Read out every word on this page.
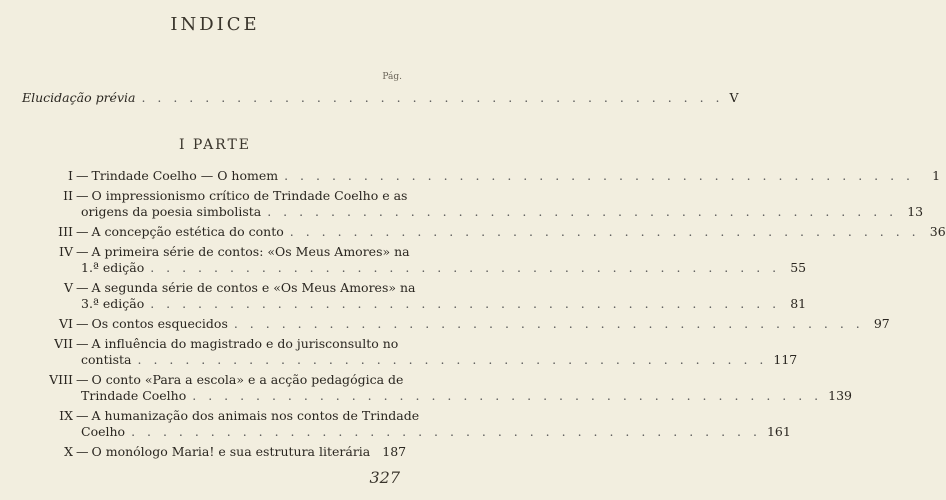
INDICE
Pág.
Elucidação prévia . . . . . . . . . . . . . . . . . . . . . . . . . . . . . . . . . . . . . V
I PARTE
I — Trindade Coelho — O homem . . . . . . . . . . . . . . . . . . . . . . . . . . . . . . . . . . . . . . . .	1
II — O impressionismo crítico de Trindade Coelho e as
origens da poesia simbolista . . . . . . . . . . . . . . . . . . . . . . . . . . . . . . . . . . . . . . . . 13
III — A concepção estética do conto . . . . . . . . . . . . . . . . . . . . . . . . . . . . . . . . . . . . . . . . 36
IV — A primeira série de contos: «Os Meus Amores» na
1.ª edição . . . . . . . . . . . . . . . . . . . . . . . . . . . . . . . . . . . . . . . . 55
V — A segunda série de contos e «Os Meus Amores» na
3.ª edição . . . . . . . . . . . . . . . . . . . . . . . . . . . . . . . . . . . . . . . . 81
VI — Os contos esquecidos . . . . . . . . . . . . . . . . . . . . . . . . . . . . . . . . . . . . . . . . 97
VII — A influência do magistrado e do jurisconsulto no
contista . . . . . . . . . . . . . . . . . . . . . . . . . . . . . . . . . . . . . . . . 117
VIII — O conto «Para a escola» e a acção pedagógica de
Trindade Coelho . . . . . . . . . . . . . . . . . . . . . . . . . . . . . . . . . . . . . . . . 139
IX — A humanização dos animais nos contos de Trindade
Coelho . . . . . . . . . . . . . . . . . . . . . . . . . . . . . . . . . . . . . . . . 161
X — O monólogo Maria! e sua estrutura literária 187
327
